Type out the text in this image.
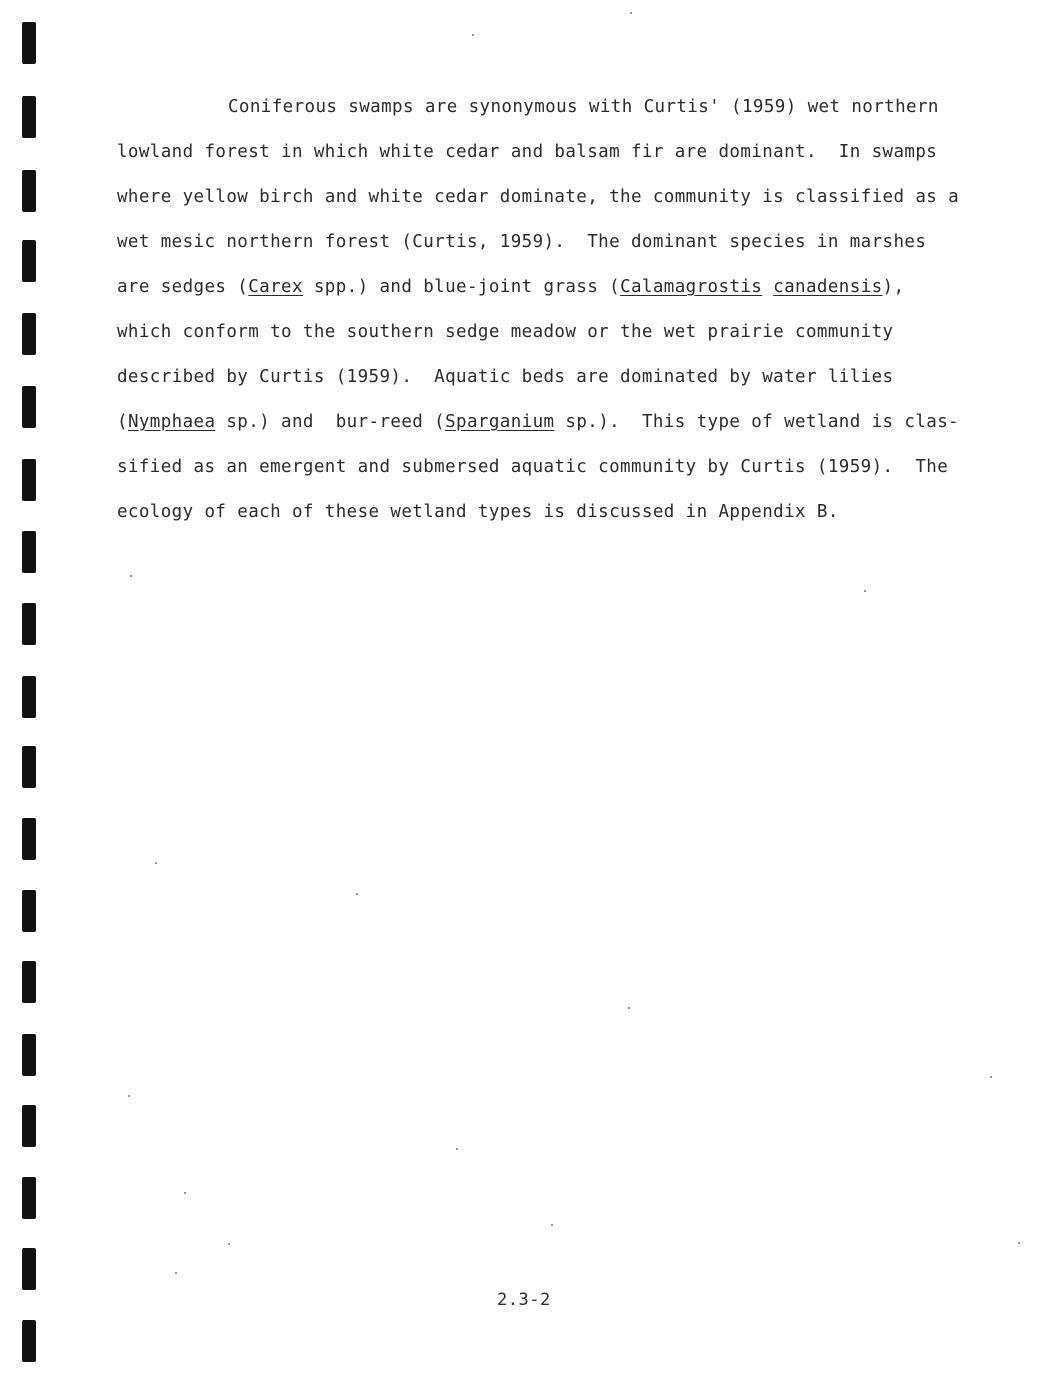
Coniferous swamps are synonymous with Curtis' (1959) wet northern
lowland forest in which white cedar and balsam fir are dominant.  In swamps
where yellow birch and white cedar dominate, the community is classified as a
wet mesic northern forest (Curtis, 1959).  The dominant species in marshes
are sedges (Carex spp.) and blue-joint grass (Calamagrostis canadensis),
which conform to the southern sedge meadow or the wet prairie community
described by Curtis (1959).  Aquatic beds are dominated by water lilies
(Nymphaea sp.) and  bur-reed (Sparganium sp.).  This type of wetland is clas-
sified as an emergent and submersed aquatic community by Curtis (1959).  The
ecology of each of these wetland types is discussed in Appendix B.
2.3-2
